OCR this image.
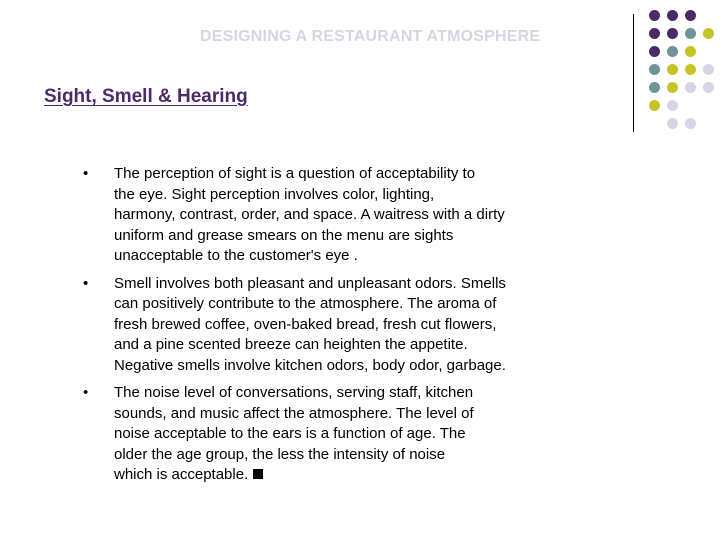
DESIGNING A RESTAURANT ATMOSPHERE
Sight, Smell & Hearing
• The perception of sight is a question of acceptability to
the eye. Sight perception involves color, lighting,
harmony, contrast, order, and space. A waitress with a dirty
uniform and grease smears on the menu are sights
unacceptable to the customer's eye .
• Smell involves both pleasant and unpleasant odors. Smells
can positively contribute to the atmosphere. The aroma of
fresh brewed coffee, oven-baked bread, fresh cut flowers,
and a pine scented breeze can heighten the appetite.
Negative smells involve kitchen odors, body odor, garbage.
• The noise level of conversations, serving staff, kitchen
sounds, and music affect the atmosphere. The level of
noise acceptable to the ears is a function of age. The
older the age group, the less the intensity of noise
which is acceptable.
